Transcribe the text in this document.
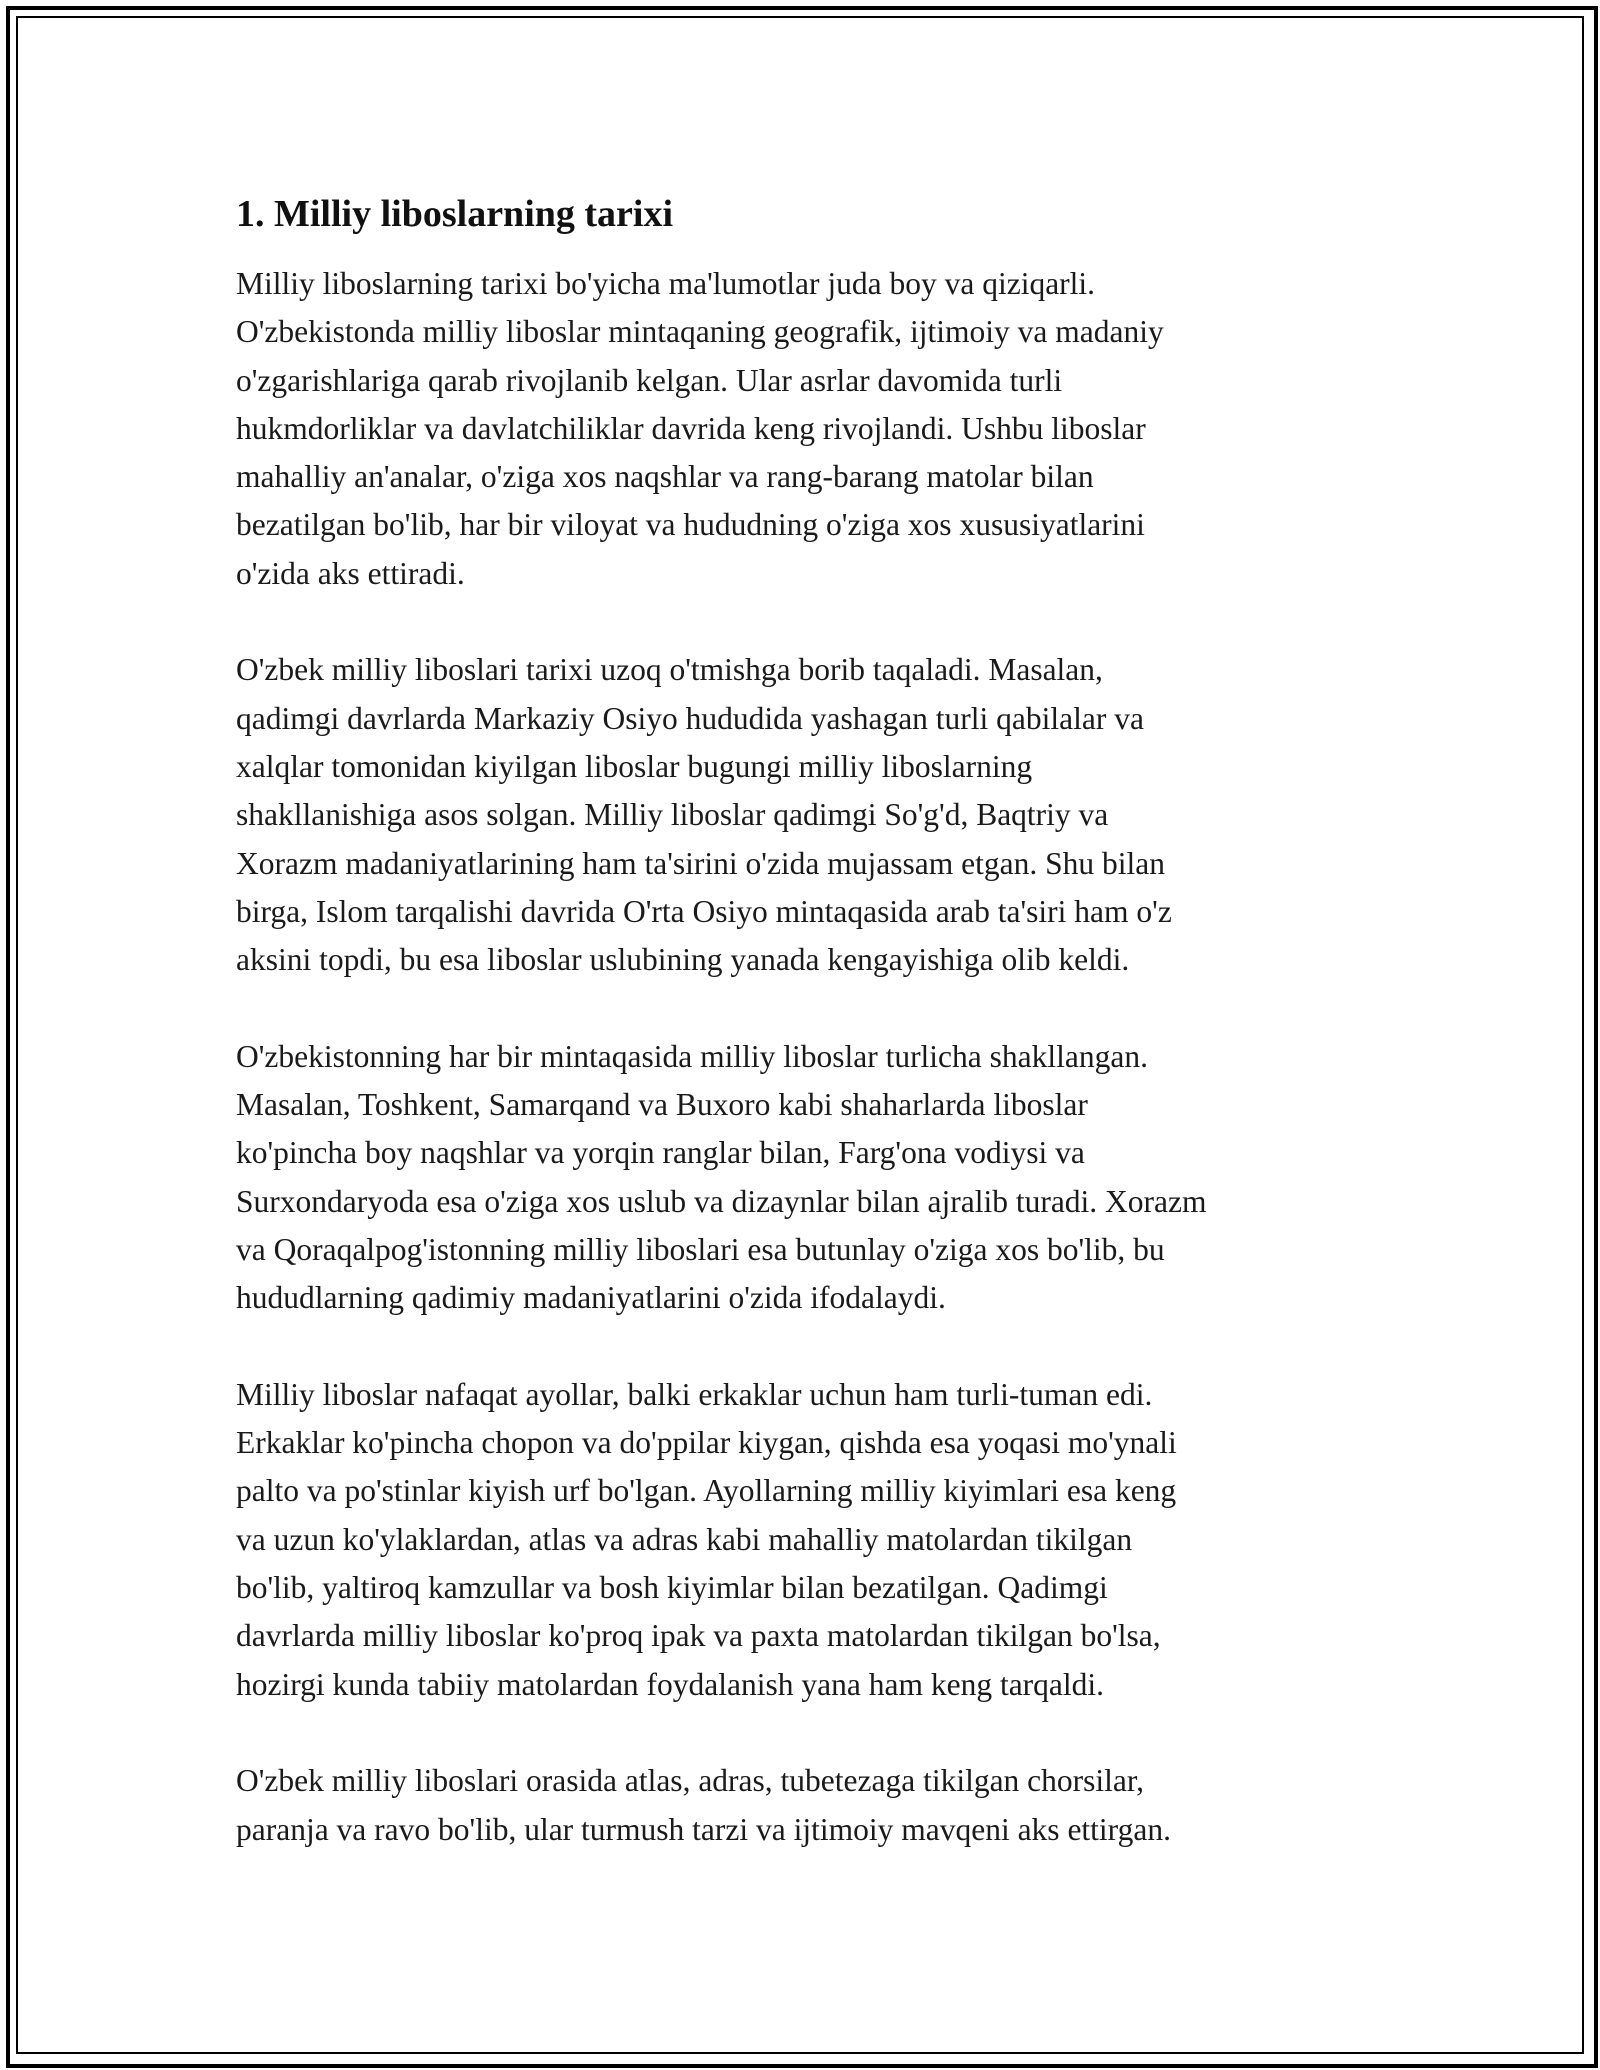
1. Milliy liboslarning tarixi

Milliy liboslarning tarixi bo'yicha ma'lumotlar juda boy va qiziqarli.
O'zbekistonda milliy liboslar mintaqaning geografik, ijtimoiy va madaniy
o'zgarishlariga qarab rivojlanib kelgan. Ular asrlar davomida turli
hukmdorliklar va davlatchiliklar davrida keng rivojlandi. Ushbu liboslar
mahalliy an'analar, o'ziga xos naqshlar va rang-barang matolar bilan
bezatilgan bo'lib, har bir viloyat va hududning o'ziga xos xususiyatlarini
o'zida aks ettiradi.

O'zbek milliy liboslari tarixi uzoq o'tmishga borib taqaladi. Masalan,
qadimgi davrlarda Markaziy Osiyo hududida yashagan turli qabilalar va
xalqlar tomonidan kiyilgan liboslar bugungi milliy liboslarning
shakllanishiga asos solgan. Milliy liboslar qadimgi So'g'd, Baqtriy va
Xorazm madaniyatlarining ham ta'sirini o'zida mujassam etgan. Shu bilan
birga, Islom tarqalishi davrida O'rta Osiyo mintaqasida arab ta'siri ham o'z
aksini topdi, bu esa liboslar uslubining yanada kengayishiga olib keldi.

O'zbekistonning har bir mintaqasida milliy liboslar turlicha shakllangan.
Masalan, Toshkent, Samarqand va Buxoro kabi shaharlarda liboslar
ko'pincha boy naqshlar va yorqin ranglar bilan, Farg'ona vodiysi va
Surxondaryoda esa o'ziga xos uslub va dizaynlar bilan ajralib turadi. Xorazm
va Qoraqalpog'istonning milliy liboslari esa butunlay o'ziga xos bo'lib, bu
hududlarning qadimiy madaniyatlarini o'zida ifodalaydi.

Milliy liboslar nafaqat ayollar, balki erkaklar uchun ham turli-tuman edi.
Erkaklar ko'pincha chopon va do'ppilar kiygan, qishda esa yoqasi mo'ynali
palto va po'stinlar kiyish urf bo'lgan. Ayollarning milliy kiyimlari esa keng
va uzun ko'ylaklardan, atlas va adras kabi mahalliy matolardan tikilgan
bo'lib, yaltiroq kamzullar va bosh kiyimlar bilan bezatilgan. Qadimgi
davrlarda milliy liboslar ko'proq ipak va paxta matolardan tikilgan bo'lsa,
hozirgi kunda tabiiy matolardan foydalanish yana ham keng tarqaldi.

O'zbek milliy liboslari orasida atlas, adras, tubetezaga tikilgan chorsilar,
paranja va ravo bo'lib, ular turmush tarzi va ijtimoiy mavqeni aks ettirgan.
